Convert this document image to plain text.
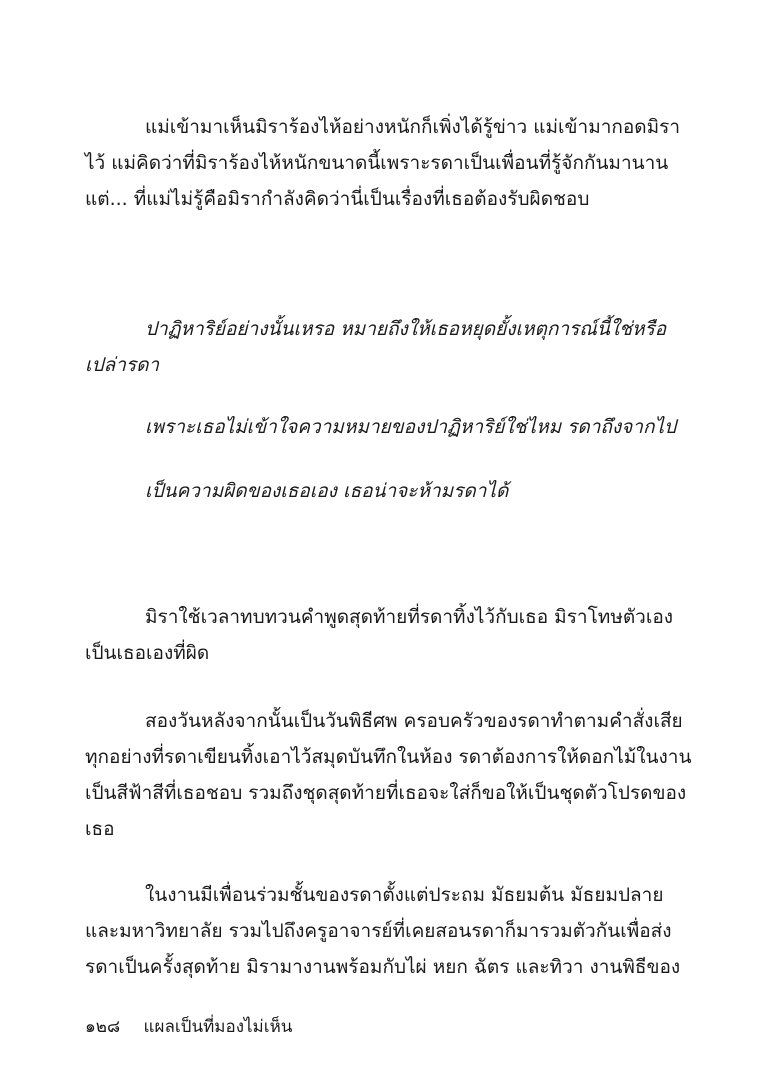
แม่เข้ามาเห็นมิราร้องไห้อย่างหนักก็เพิ่งได้รู้ข่าว แม่เข้ามากอดมิรา
ไว้ แม่คิดว่าที่มิราร้องไห้หนักขนาดนี้เพราะรดาเป็นเพื่อนที่รู้จักกันมานาน
แต่... ที่แม่ไม่รู้คือมิรากำลังคิดว่านี่เป็นเรื่องที่เธอต้องรับผิดชอบ
ปาฏิหาริย์อย่างนั้นเหรอ หมายถึงให้เธอหยุดยั้งเหตุการณ์นี้ใช่หรือ
เปล่ารดา
เพราะเธอไม่เข้าใจความหมายของปาฏิหาริย์ใช่ไหม รดาถึงจากไป
เป็นความผิดของเธอเอง เธอน่าจะห้ามรดาได้
มิราใช้เวลาทบทวนคำพูดสุดท้ายที่รดาทิ้งไว้กับเธอ มิราโทษตัวเอง
เป็นเธอเองที่ผิด
สองวันหลังจากนั้นเป็นวันพิธีศพ ครอบครัวของรดาทำตามคำสั่งเสีย
ทุกอย่างที่รดาเขียนทิ้งเอาไว้สมุดบันทึกในห้อง รดาต้องการให้ดอกไม้ในงาน
เป็นสีฟ้าสีที่เธอชอบ รวมถึงชุดสุดท้ายที่เธอจะใส่ก็ขอให้เป็นชุดตัวโปรดของ
เธอ
ในงานมีเพื่อนร่วมชั้นของรดาตั้งแต่ประถม มัธยมต้น มัธยมปลาย
และมหาวิทยาลัย รวมไปถึงครูอาจารย์ที่เคยสอนรดาก็มารวมตัวกันเพื่อส่ง
รดาเป็นครั้งสุดท้าย มิรามางานพร้อมกับไผ่ หยก ฉัตร และทิวา งานพิธีของ
๑๒๘ แผลเป็นที่มองไม่เห็น
